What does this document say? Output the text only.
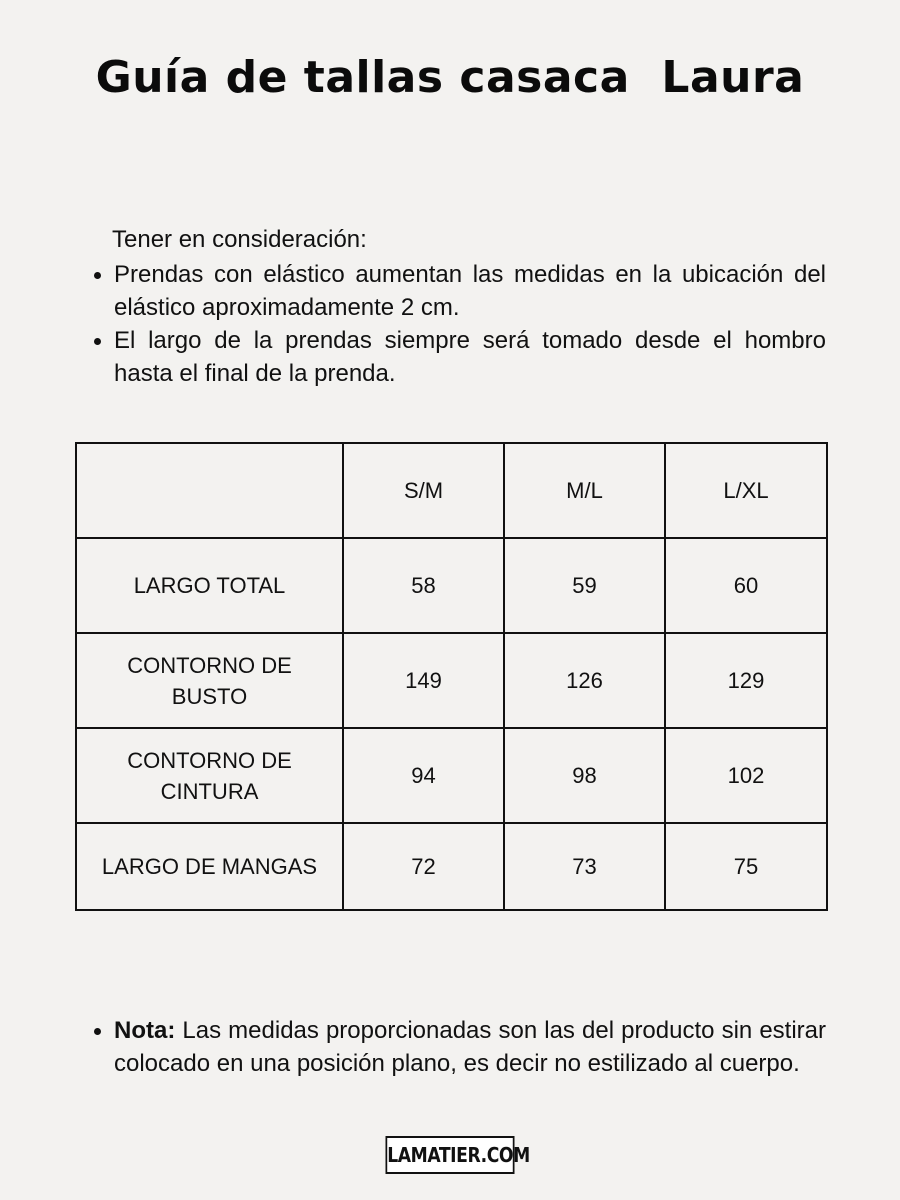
Guía de tallas casaca  Laura
Tener en consideración:
Prendas con elástico aumentan las medidas en la ubicación del elástico aproximadamente 2 cm.
El largo de la prendas siempre será tomado desde el hombro hasta el final de la prenda.
	S/M	M/L	L/XL
LARGO TOTAL	58	59	60
CONTORNO DE BUSTO	149	126	129
CONTORNO DE CINTURA	94	98	102
LARGO DE MANGAS	72	73	75
Nota: Las medidas proporcionadas son las del producto sin estirar colocado en una posición plano, es decir no estilizado al cuerpo.
LAMATIER.COM
